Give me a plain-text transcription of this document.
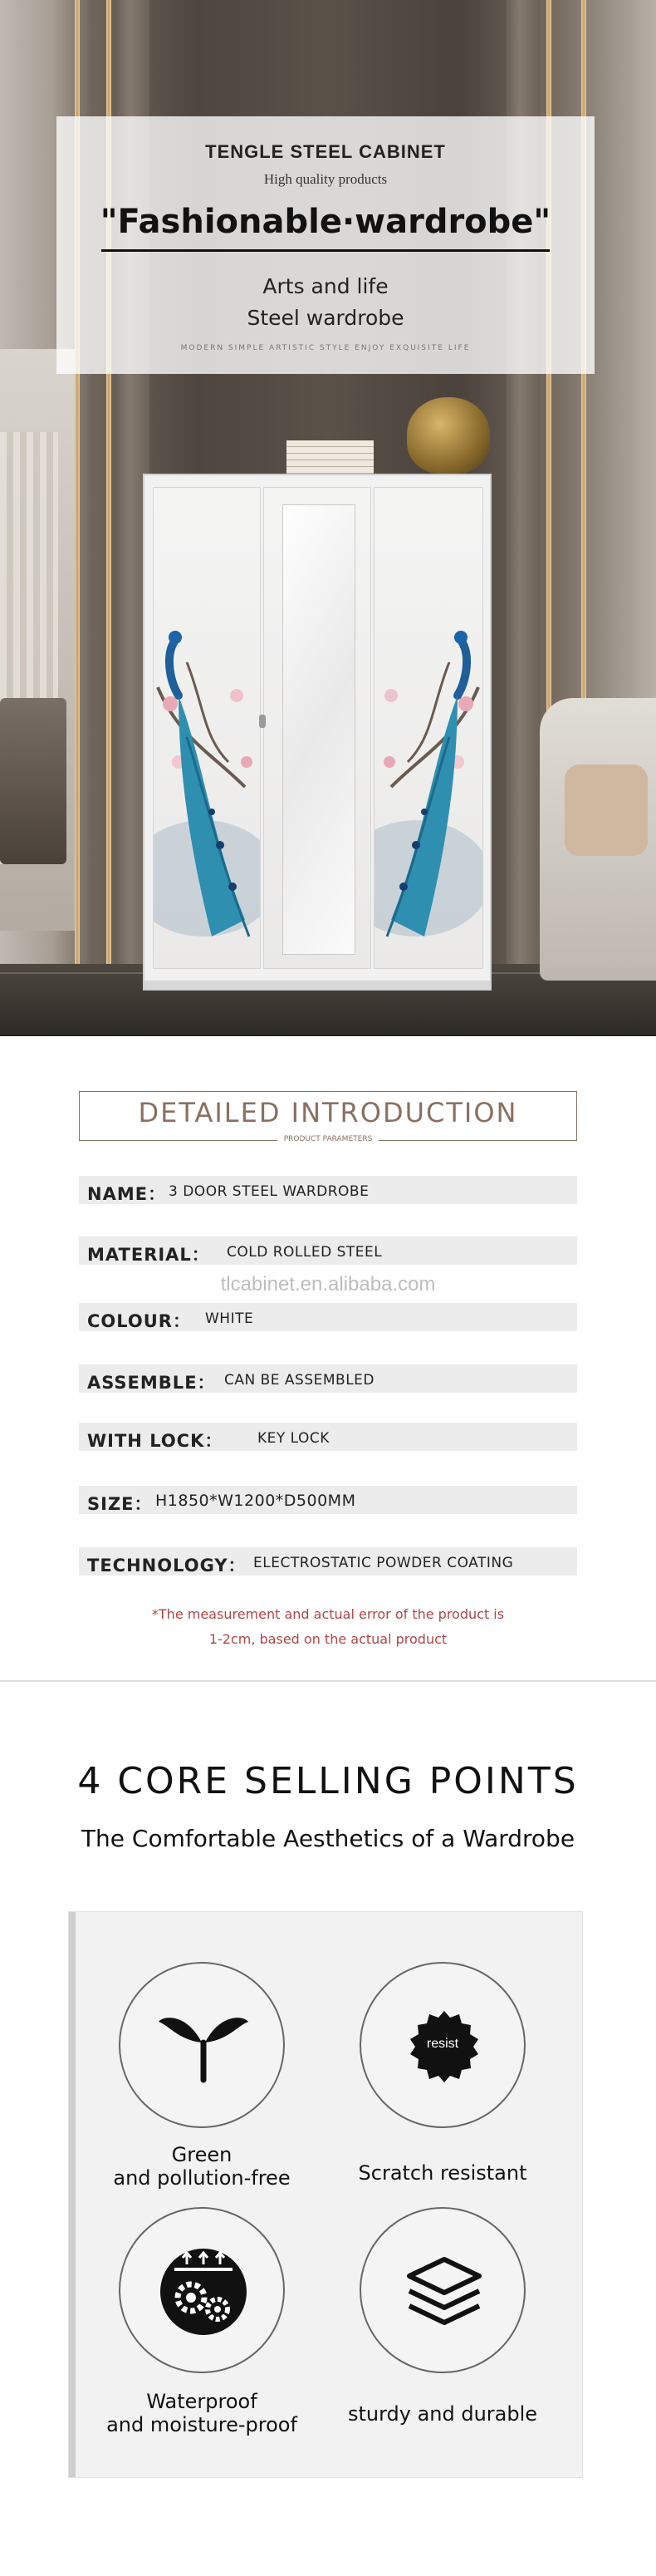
TENGLE STEEL CABINET
High quality products
"Fashionable·wardrobe"
Arts and life
Steel wardrobe
MODERN SIMPLE ARTISTIC STYLE ENJOY EXQUISITE LIFE
DETAILED INTRODUCTION
PRODUCT PARAMETERS
NAME： 3 DOOR STEEL WARDROBE
MATERIAL： COLD ROLLED STEEL
tlcabinet.en.alibaba.com
COLOUR： WHITE
ASSEMBLE： CAN BE ASSEMBLED
WITH LOCK： KEY LOCK
SIZE： H1850*W1200*D500MM
TECHNOLOGY： ELECTROSTATIC POWDER COATING
*The measurement and actual error of the product is
1-2cm, based on the actual product
4 CORE SELLING POINTS
The Comfortable Aesthetics of a Wardrobe
Green
and pollution-free
resist
Scratch resistant
Waterproof
and moisture-proof	sturdy and durable
